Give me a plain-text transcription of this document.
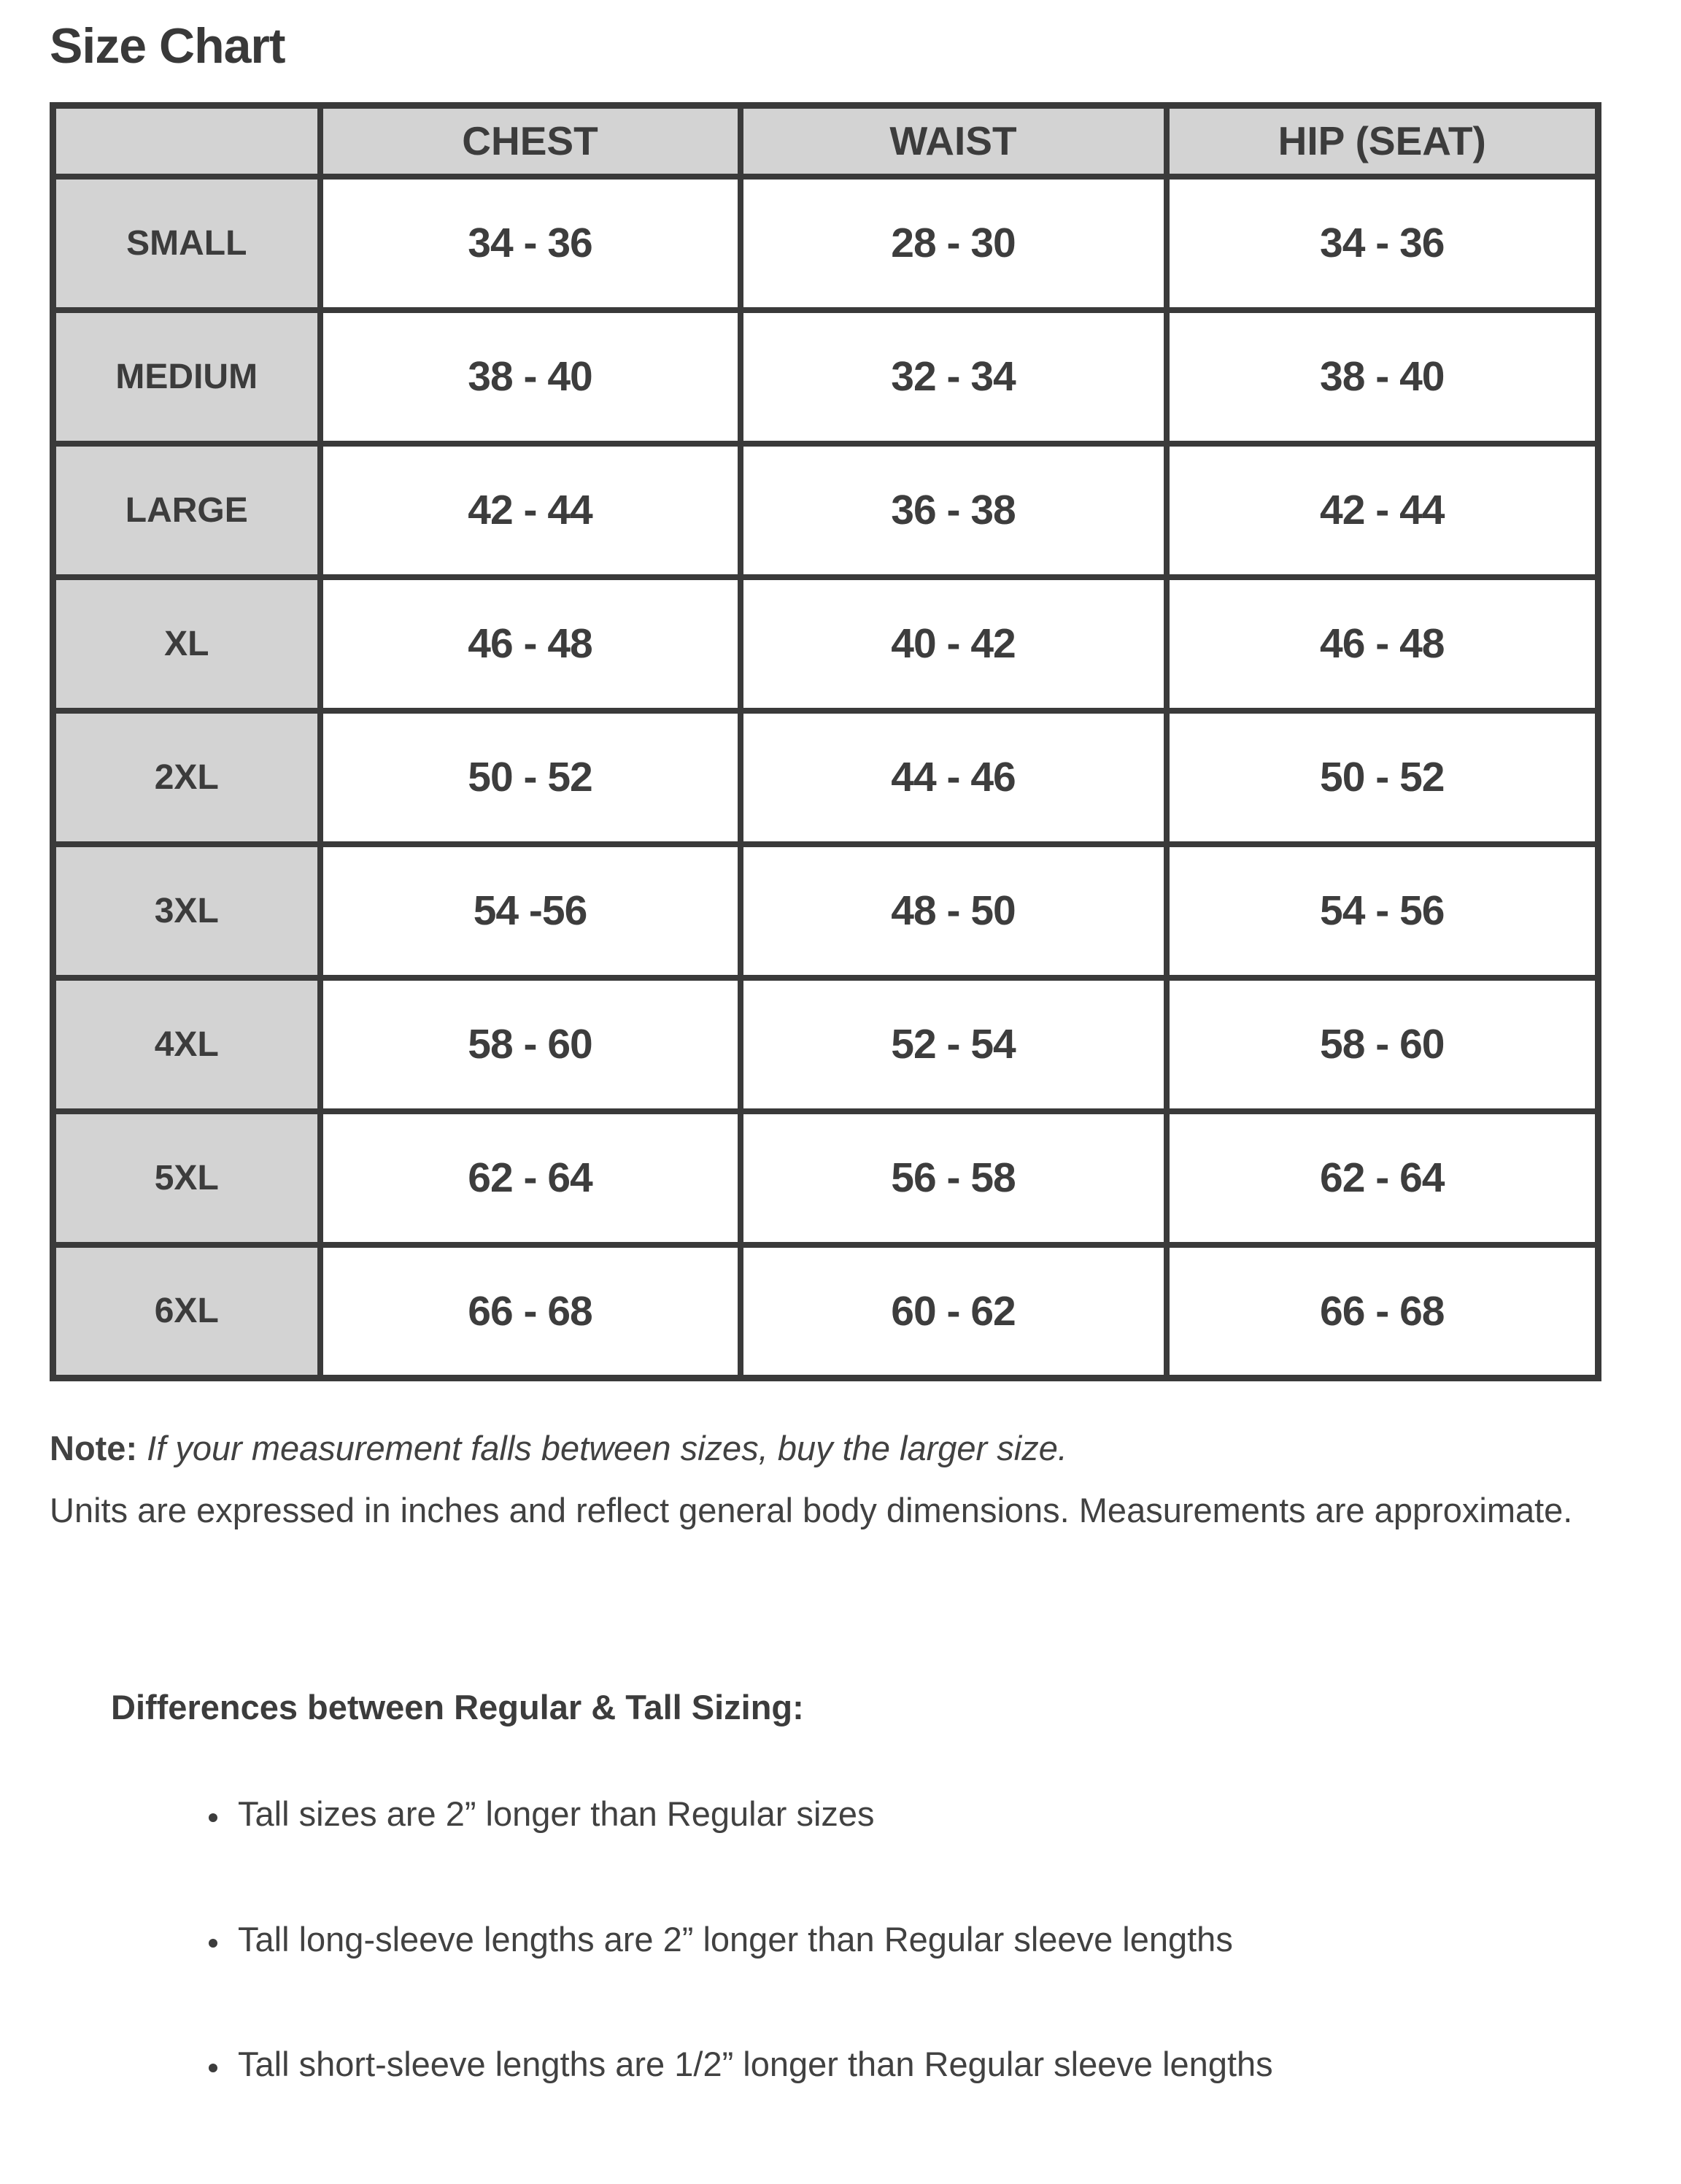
Size Chart
	CHEST	WAIST	HIP (SEAT)
SMALL	34 - 36	28 - 30	34 - 36
MEDIUM	38 - 40	32 - 34	38 - 40
LARGE	42 - 44	36 - 38	42 - 44
XL	46 - 48	40 - 42	46 - 48
2XL	50 - 52	44 - 46	50 - 52
3XL	54 -56	48 - 50	54 - 56
4XL	58 - 60	52 - 54	58 - 60
5XL	62 - 64	56 - 58	62 - 64
6XL	66 - 68	60 - 62	66 - 68
Note: If your measurement falls between sizes, buy the larger size.
Units are expressed in inches and reflect general body dimensions. Measurements are approximate.
Differences between Regular & Tall Sizing:
• Tall sizes are 2” longer than Regular sizes
• Tall long-sleeve lengths are 2” longer than Regular sleeve lengths
• Tall short-sleeve lengths are 1/2” longer than Regular sleeve lengths
